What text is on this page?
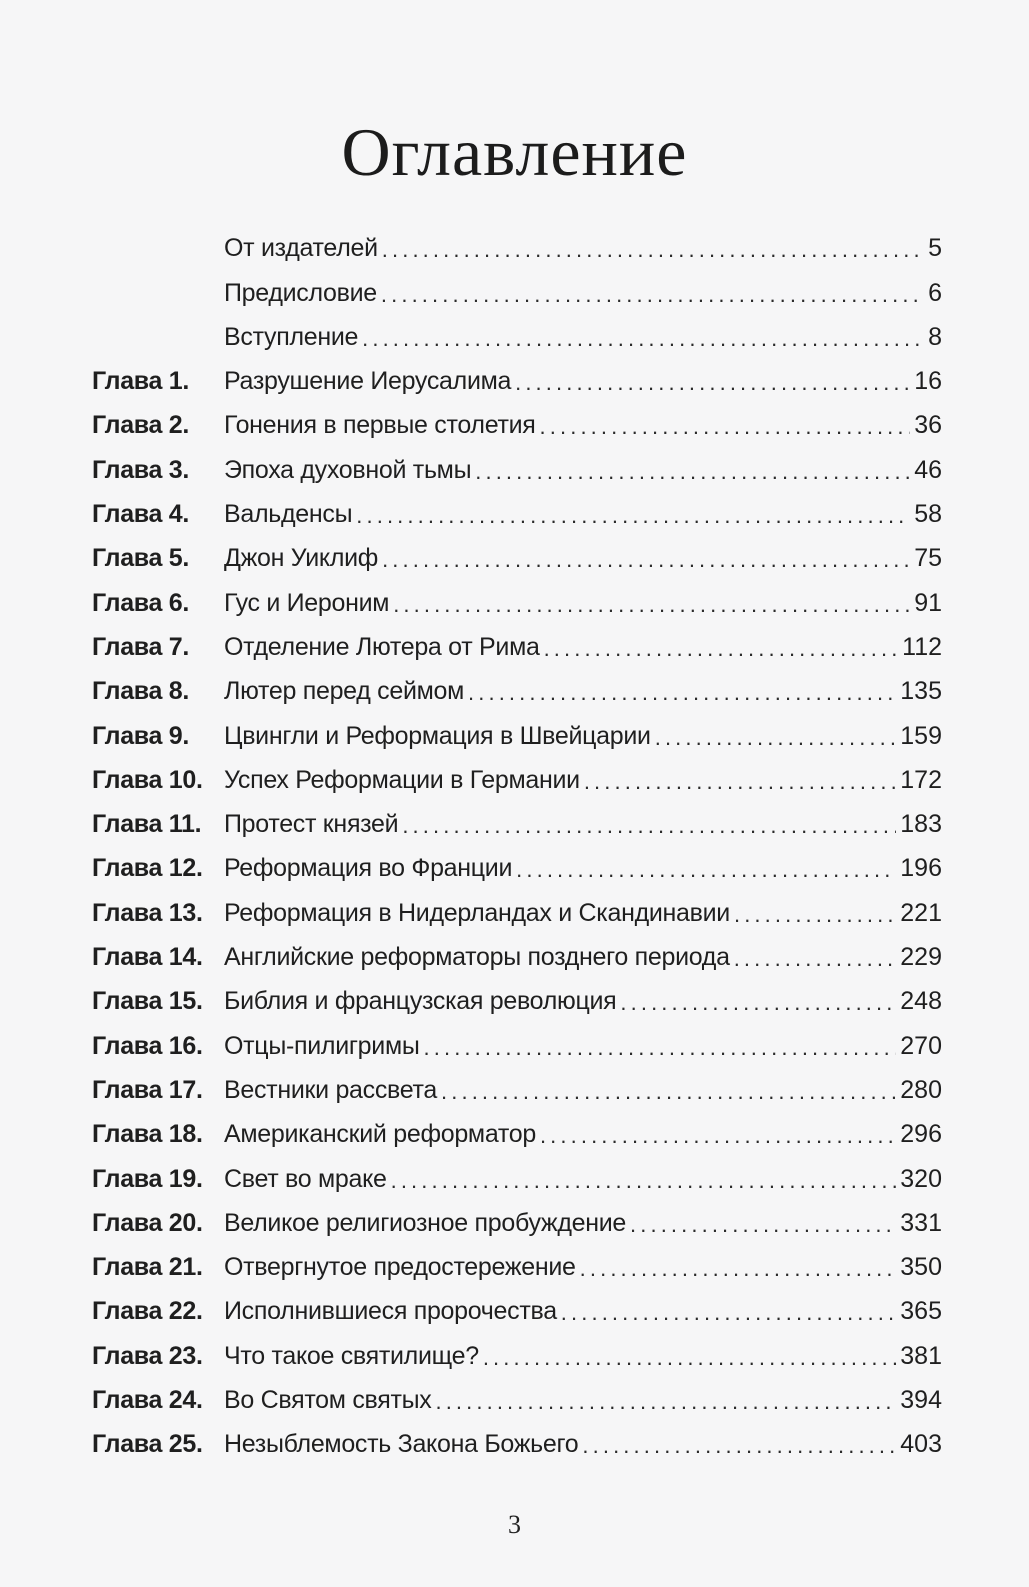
Оглавление
От издателей . . .	5
Предисловие . . .	6
Вступление . . .	8
Глава 1.	Разрушение Иерусалима . . .	16
Глава 2.	Гонения в первые столетия . . .	36
Глава 3.	Эпоха духовной тьмы . . .	46
Глава 4.	Вальденсы . . .	58
Глава 5.	Джон Уиклиф . . .	75
Глава 6.	Гус и Иероним . . .	91
Глава 7.	Отделение Лютера от Рима . . .	112
Глава 8.	Лютер перед сеймом . . .	135
Глава 9.	Цвингли и Реформация в Швейцарии . . .	159
Глава 10. Успех Реформации в Германии . . .	172
Глава 11. Протест князей . . .	183
Глава 12. Реформация во Франции . . .	196
Глава 13. Реформация в Нидерландах и Скандинавии . . .	221
Глава 14. Английские реформаторы позднего периода . . .	229
Глава 15. Библия и французская революция . . .	248
Глава 16. Отцы-пилигримы . . .	270
Глава 17. Вестники рассвета . . .	280
Глава 18. Американский реформатор . . .	296
Глава 19. Свет во мраке . . .	320
Глава 20. Великое религиозное пробуждение . . .	331
Глава 21. Отвергнутое предостережение . . .	350
Глава 22. Исполнившиеся пророчества . . .	365
Глава 23. Что такое святилище? . . .	381
Глава 24. Во Святом святых . . .	394
Глава 25. Незыблемость Закона Божьего . . .	403
3
